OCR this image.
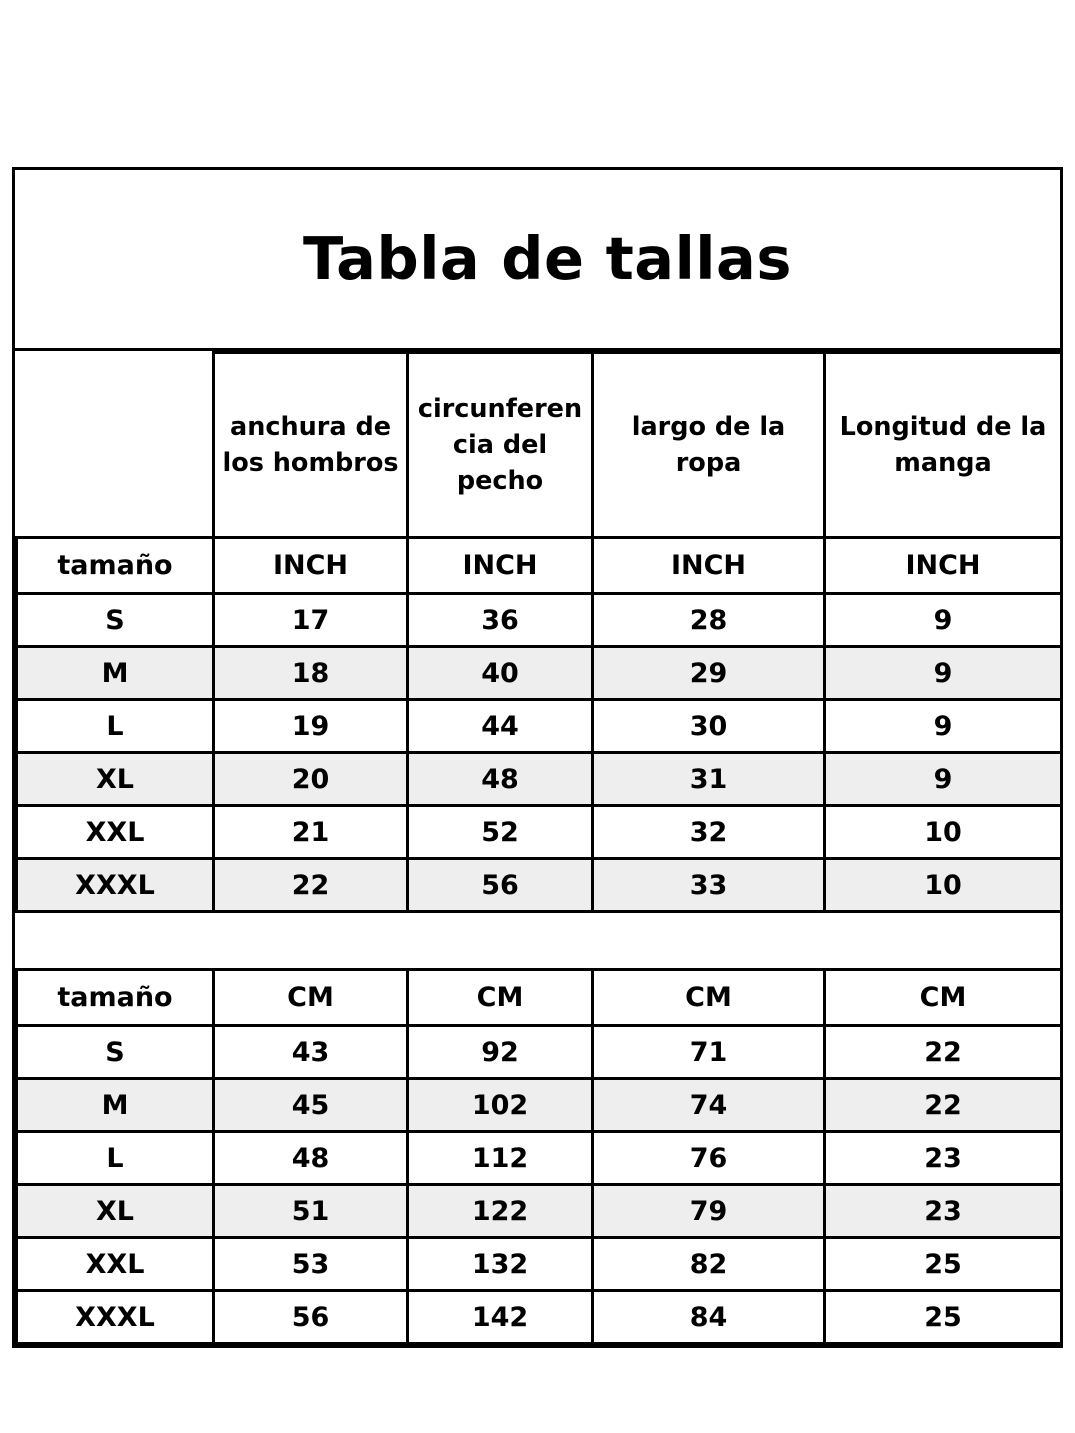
Tabla de tallas
	anchura de los hombros	circunferen cia del pecho	largo de la ropa	Longitud de la manga
tamaño	INCH	INCH	INCH	INCH
S	17	36	28	9
M	18	40	29	9
L	19	44	30	9
XL	20	48	31	9
XXL	21	52	32	10
XXXL	22	56	33	10
tamaño	CM	CM	CM	CM
S	43	92	71	22
M	45	102	74	22
L	48	112	76	23
XL	51	122	79	23
XXL	53	132	82	25
XXXL	56	142	84	25
